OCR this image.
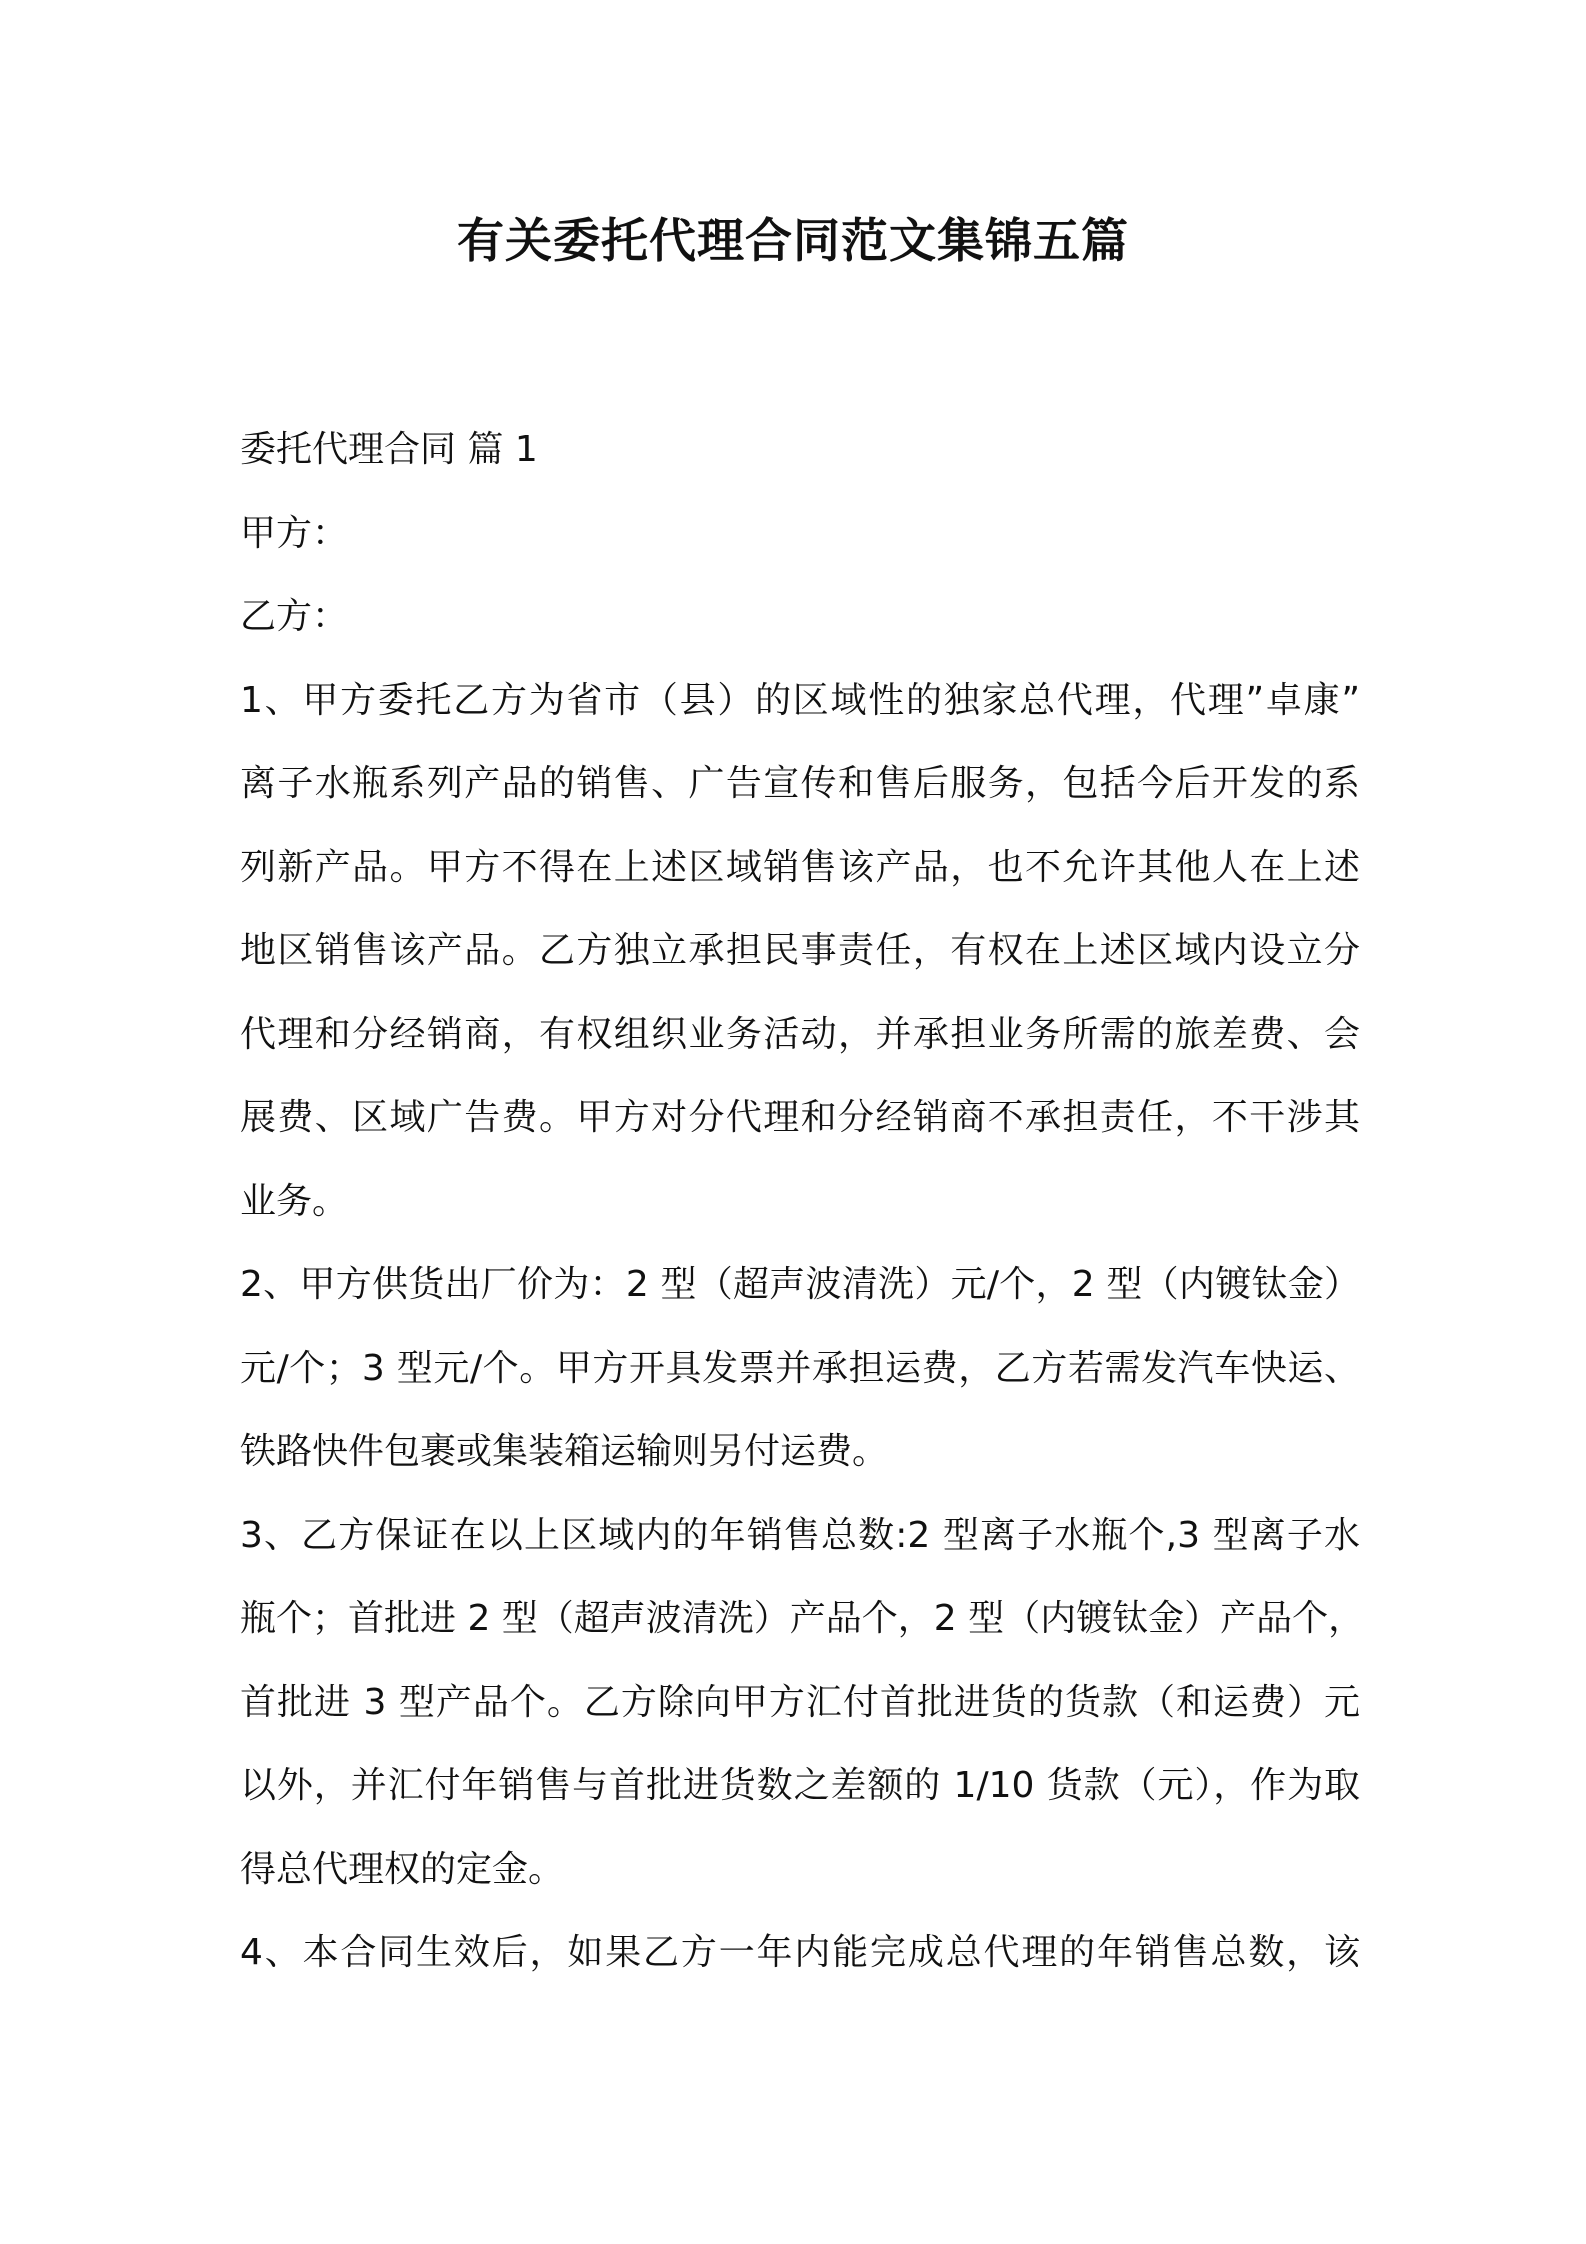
有关委托代理合同范文集锦五篇
委托代理合同 篇 1
甲方：
乙方：
1、甲方委托乙方为省市（县）的区域性的独家总代理，代理”卓康”
离子水瓶系列产品的销售、广告宣传和售后服务，包括今后开发的系
列新产品。甲方不得在上述区域销售该产品，也不允许其他人在上述
地区销售该产品。乙方独立承担民事责任，有权在上述区域内设立分
代理和分经销商，有权组织业务活动，并承担业务所需的旅差费、会
展费、区域广告费。甲方对分代理和分经销商不承担责任，不干涉其
业务。
2、甲方供货出厂价为：2 型（超声波清洗）元/个，2 型（内镀钛金）
元/个；3 型元/个。甲方开具发票并承担运费，乙方若需发汽车快运、
铁路快件包裹或集装箱运输则另付运费。
3、乙方保证在以上区域内的年销售总数:2 型离子水瓶个,3 型离子水
瓶个；首批进 2 型（超声波清洗）产品个，2 型（内镀钛金）产品个，
首批进 3 型产品个。乙方除向甲方汇付首批进货的货款（和运费）元
以外，并汇付年销售与首批进货数之差额的 1/10 货款（元），作为取
得总代理权的定金。
4、本合同生效后，如果乙方一年内能完成总代理的年销售总数，该
